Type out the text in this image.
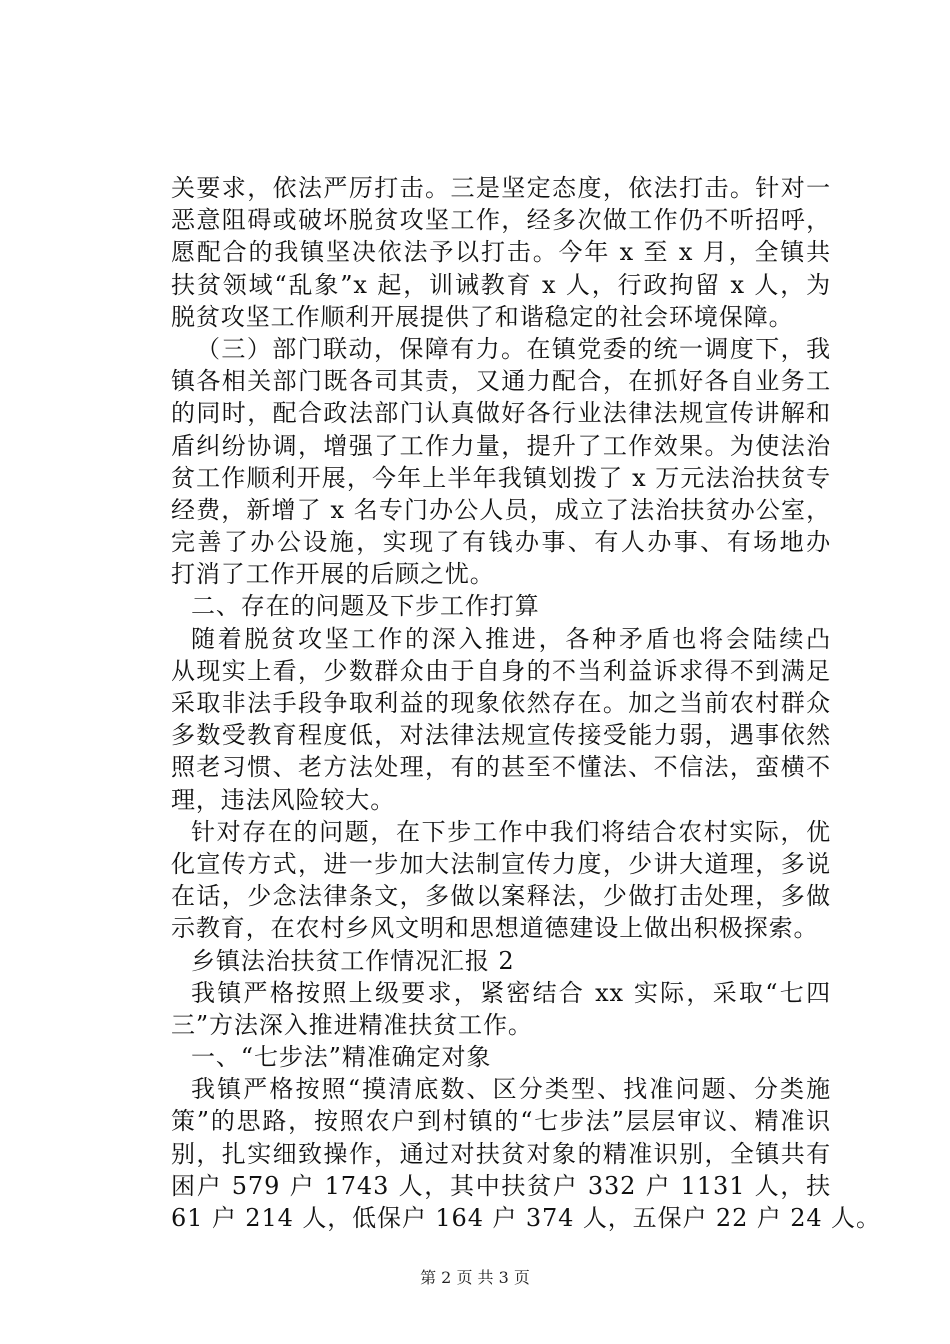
关要求，依法严厉打击。三是坚定态度，依法打击。针对一
恶意阻碍或破坏脱贫攻坚工作，经多次做工作仍不听招呼，
愿配合的我镇坚决依法予以打击。今年 x 至 x 月，全镇共
扶贫领域“乱象”x 起，训诫教育 x 人，行政拘留 x 人，为
脱贫攻坚工作顺利开展提供了和谐稳定的社会环境保障。
（三）部门联动，保障有力。在镇党委的统一调度下，我
镇各相关部门既各司其责，又通力配合，在抓好各自业务工
的同时，配合政法部门认真做好各行业法律法规宣传讲解和
盾纠纷协调，增强了工作力量，提升了工作效果。为使法治
贫工作顺利开展，今年上半年我镇划拨了 x 万元法治扶贫专
经费，新增了 x 名专门办公人员，成立了法治扶贫办公室，
完善了办公设施，实现了有钱办事、有人办事、有场地办
打消了工作开展的后顾之忧。
二、存在的问题及下步工作打算
随着脱贫攻坚工作的深入推进，各种矛盾也将会陆续凸
从现实上看，少数群众由于自身的不当利益诉求得不到满足
采取非法手段争取利益的现象依然存在。加之当前农村群众
多数受教育程度低，对法律法规宣传接受能力弱，遇事依然
照老习惯、老方法处理，有的甚至不懂法、不信法，蛮横不
理，违法风险较大。
针对存在的问题，在下步工作中我们将结合农村实际，优
化宣传方式，进一步加大法制宣传力度，少讲大道理，多说
在话，少念法律条文，多做以案释法，少做打击处理，多做
示教育，在农村乡风文明和思想道德建设上做出积极探索。
乡镇法治扶贫工作情况汇报 2
我镇严格按照上级要求，紧密结合 xx 实际，采取“七四
三”方法深入推进精准扶贫工作。
一、“七步法”精准确定对象
我镇严格按照“摸清底数、区分类型、找准问题、分类施
策”的思路，按照农户到村镇的“七步法”层层审议、精准识
别，扎实细致操作，通过对扶贫对象的精准识别，全镇共有
困户 579 户 1743 人，其中扶贫户 332 户 1131 人，扶
61 户 214 人，低保户 164 户 374 人，五保户 22 户 24 人。
第 2 页 共 3 页
